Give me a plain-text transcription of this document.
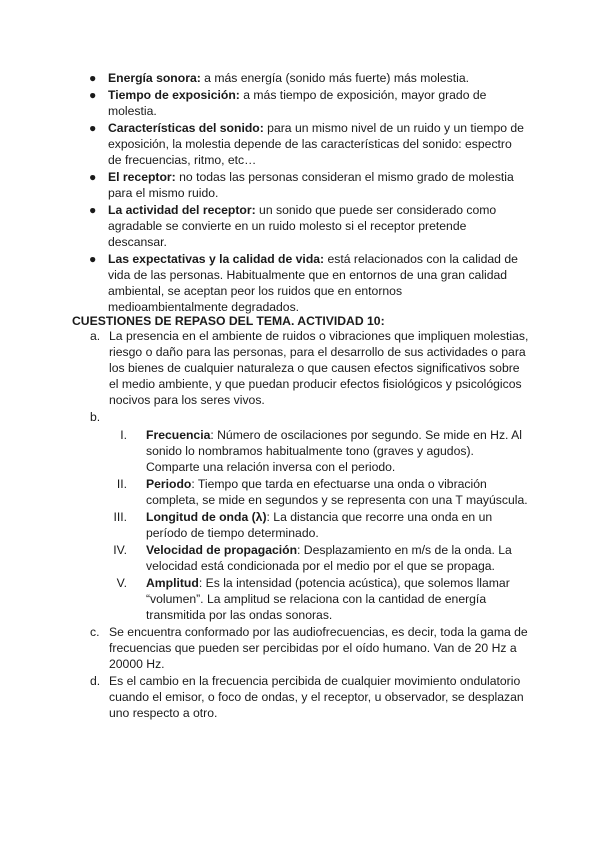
● Energía sonora: a más energía (sonido más fuerte) más molestia.
● Tiempo de exposición: a más tiempo de exposición, mayor grado de molestia.
● Características del sonido: para un mismo nivel de un ruido y un tiempo de exposición, la molestia depende de las características del sonido: espectro de frecuencias, ritmo, etc…
● El receptor: no todas las personas consideran el mismo grado de molestia para el mismo ruido.
● La actividad del receptor: un sonido que puede ser considerado como agradable se convierte en un ruido molesto si el receptor pretende descansar.
● Las expectativas y la calidad de vida: está relacionados con la calidad de vida de las personas. Habitualmente que en entornos de una gran calidad ambiental, se aceptan peor los ruidos que en entornos medioambientalmente degradados.

CUESTIONES DE REPASO DEL TEMA. ACTIVIDAD 10:

a. La presencia en el ambiente de ruidos o vibraciones que impliquen molestias, riesgo o daño para las personas, para el desarrollo de sus actividades o para los bienes de cualquier naturaleza o que causen efectos significativos sobre el medio ambiente, y que puedan producir efectos fisiológicos y psicológicos nocivos para los seres vivos.
b.

I. Frecuencia: Número de oscilaciones por segundo. Se mide en Hz. Al sonido lo nombramos habitualmente tono (graves y agudos). Comparte una relación inversa con el periodo.
II. Periodo: Tiempo que tarda en efectuarse una onda o vibración completa, se mide en segundos y se representa con una T mayúscula.
III. Longitud de onda (λ): La distancia que recorre una onda en un período de tiempo determinado.
IV. Velocidad de propagación: Desplazamiento en m/s de la onda. La velocidad está condicionada por el medio por el que se propaga.
V. Amplitud: Es la intensidad (potencia acústica), que solemos llamar “volumen”. La amplitud se relaciona con la cantidad de energía transmitida por las ondas sonoras.
c. Se encuentra conformado por las audiofrecuencias, es decir, toda la gama de frecuencias que pueden ser percibidas por el oído humano. Van de 20 Hz a 20000 Hz.
d. Es el cambio en la frecuencia percibida de cualquier movimiento ondulatorio cuando el emisor, o foco de ondas, y el receptor, u observador, se desplazan uno respecto a otro.
